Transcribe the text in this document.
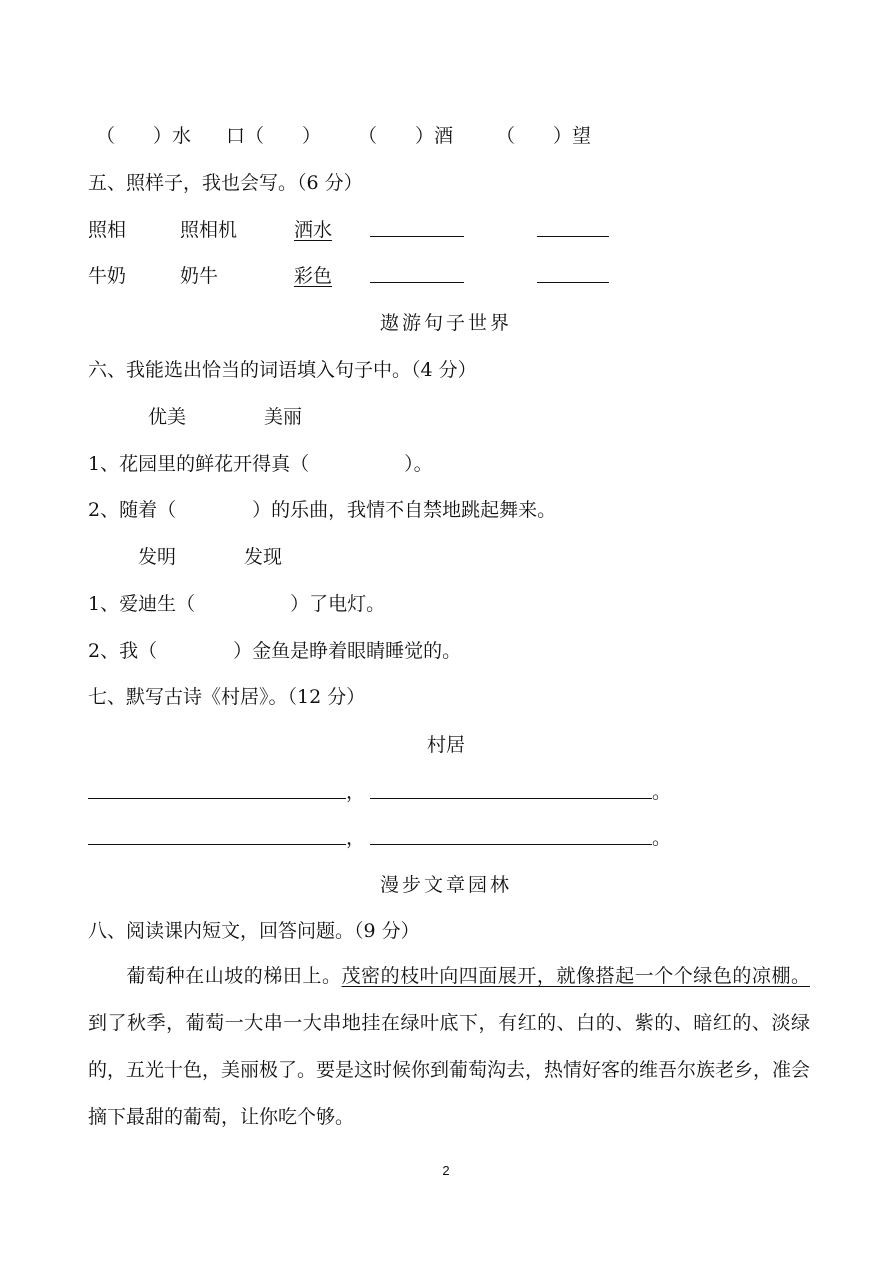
（　　）水 口（　　） （　　）酒 （　　）望
五、照样子，我也会写。（6 分）
照相	照相机	洒水
牛奶	奶牛	彩色
遨游句子世界
六、我能选出恰当的词语填入句子中。（4 分）
优美	美丽
1、花园里的鲜花开得真（　　　　　）。
2、随着（　　　　）的乐曲，我情不自禁地跳起舞来。
发明	发现
1、爱迪生（　　　　　）了电灯。
2、我（　　　　）金鱼是睁着眼睛睡觉的。
七、默写古诗《村居》。（12 分）
村居
，	。
，	。
漫步文章园林
八、阅读课内短文，回答问题。（9 分）
葡萄种在山坡的梯田上。茂密的枝叶向四面展开，就像搭起一个个绿色的凉棚。到了秋季，葡萄一大串一大串地挂在绿叶底下，有红的、白的、紫的、暗红的、淡绿的，五光十色，美丽极了。要是这时候你到葡萄沟去，热情好客的维吾尔族老乡，准会摘下最甜的葡萄，让你吃个够。
2
